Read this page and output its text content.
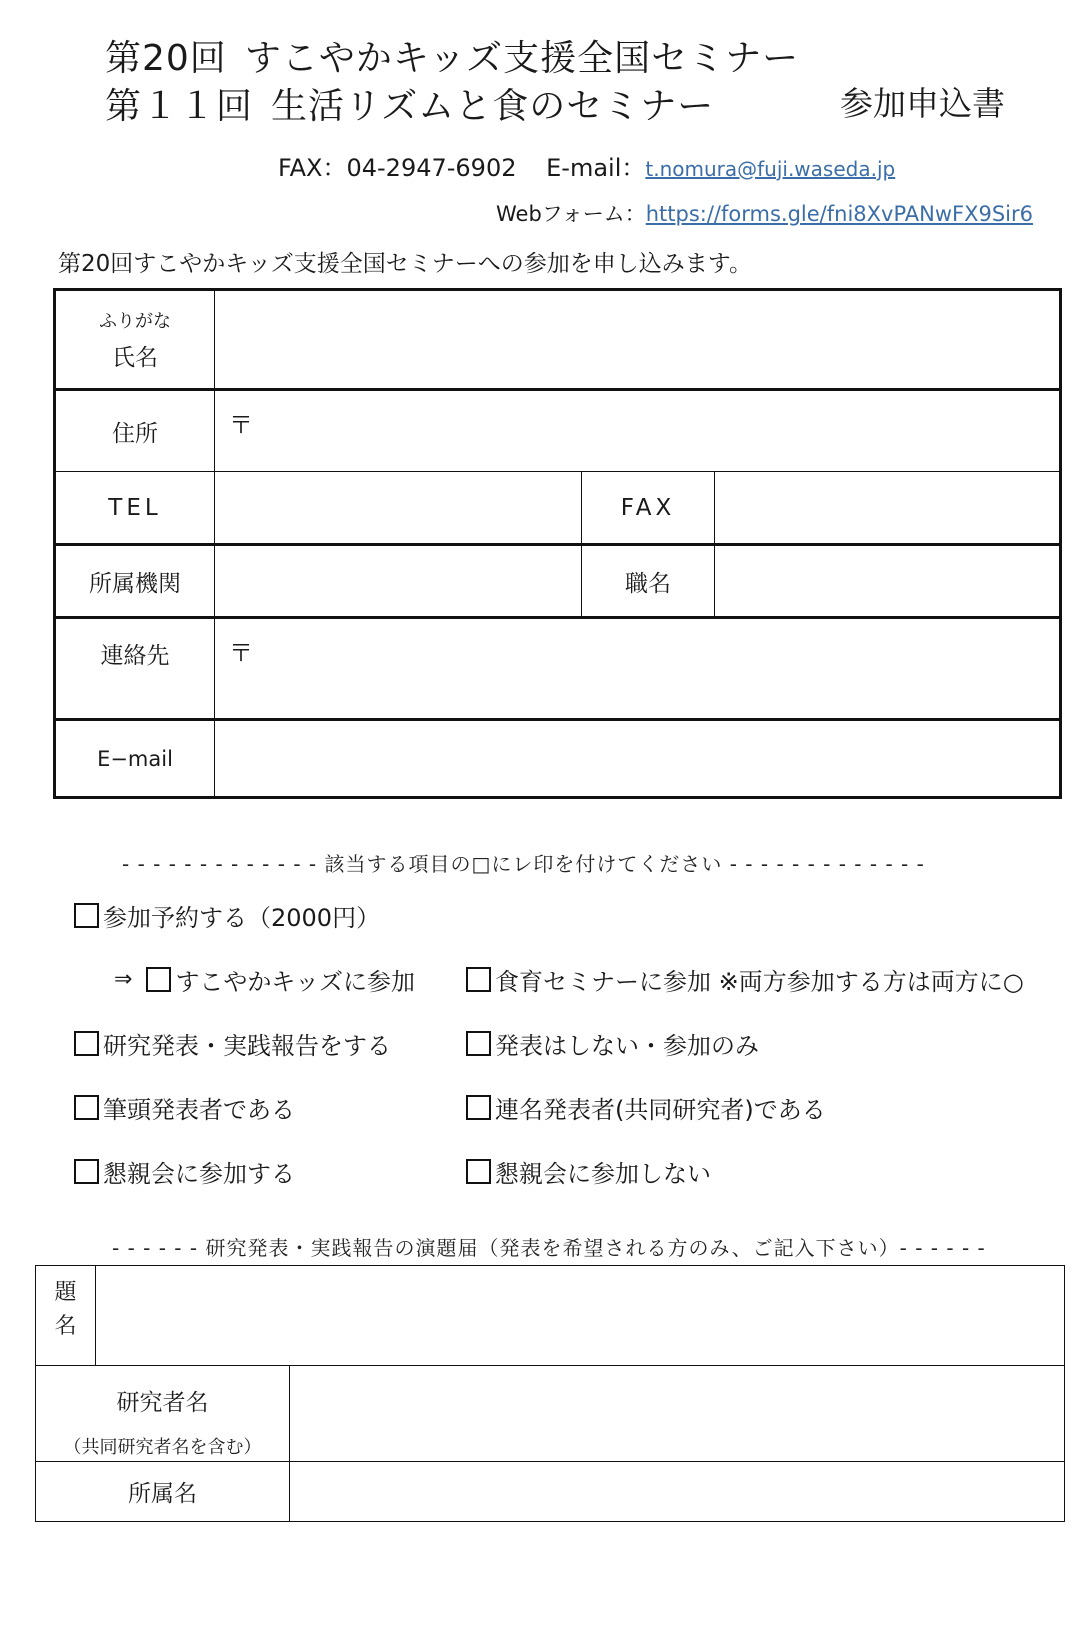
第20回 すこやかキッズ支援全国セミナー
第１１回 生活リズムと食のセミナー	参加申込書
FAX：04-2947-6902 E-mail：t.nomura@fuji.waseda.jp
Webフォーム：https://forms.gle/fni8XvPANwFX9Sir6
第20回すこやかキッズ支援全国セミナーへの参加を申し込みます。
ふりがな
氏名			
住所	〒		
TEL		FAX	
所属機関		職名	
連絡先	〒		
E−mail			
- - - - - - - - - - - - - 該当する項目の□にレ印を付けてください - - - - - - - - - - - - -
参加予約する（2000円）
⇒ すこやかキッズに参加	食育セミナーに参加 ※両方参加する方は両方に○
研究発表・実践報告をする	発表はしない・参加のみ
筆頭発表者である	連名発表者(共同研究者)である
懇親会に参加する	懇親会に参加しない
- - - - - - 研究発表・実践報告の演題届（発表を希望される方のみ、ご記入下さい）- - - - - -
題
名		

研究者名
（共同研究者名を含む）		

所属名		
